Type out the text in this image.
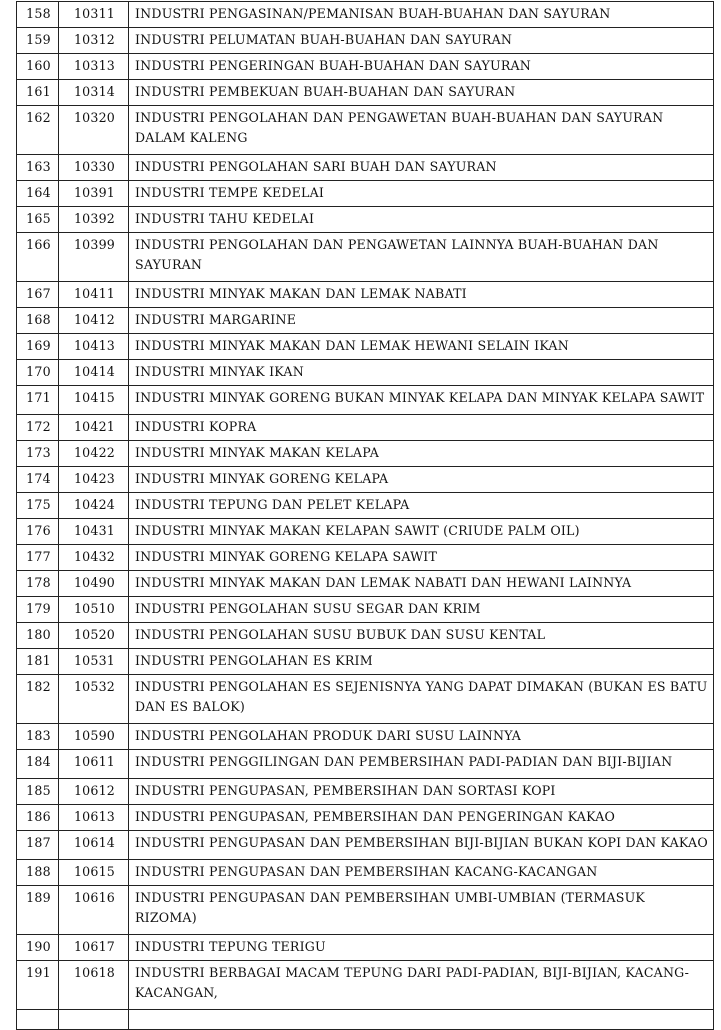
158	10311	INDUSTRI PENGASINAN/PEMANISAN BUAH-BUAHAN DAN SAYURAN
159	10312	INDUSTRI PELUMATAN BUAH-BUAHAN DAN SAYURAN
160	10313	INDUSTRI PENGERINGAN BUAH-BUAHAN DAN SAYURAN
161	10314	INDUSTRI PEMBEKUAN BUAH-BUAHAN DAN SAYURAN
162	10320	INDUSTRI PENGOLAHAN DAN PENGAWETAN BUAH-BUAHAN DAN SAYURAN DALAM KALENG
163	10330	INDUSTRI PENGOLAHAN SARI BUAH DAN SAYURAN
164	10391	INDUSTRI TEMPE KEDELAI
165	10392	INDUSTRI TAHU KEDELAI
166	10399	INDUSTRI PENGOLAHAN DAN PENGAWETAN LAINNYA BUAH-BUAHAN DAN SAYURAN
167	10411	INDUSTRI MINYAK MAKAN DAN LEMAK NABATI
168	10412	INDUSTRI MARGARINE
169	10413	INDUSTRI MINYAK MAKAN DAN LEMAK HEWANI SELAIN IKAN
170	10414	INDUSTRI MINYAK IKAN
171	10415	INDUSTRI MINYAK GORENG BUKAN MINYAK KELAPA DAN MINYAK KELAPA SAWIT
172	10421	INDUSTRI KOPRA
173	10422	INDUSTRI MINYAK MAKAN KELAPA
174	10423	INDUSTRI MINYAK GORENG KELAPA
175	10424	INDUSTRI TEPUNG DAN PELET KELAPA
176	10431	INDUSTRI MINYAK MAKAN KELAPAN SAWIT (CRIUDE PALM OIL)
177	10432	INDUSTRI MINYAK GORENG KELAPA SAWIT
178	10490	INDUSTRI MINYAK MAKAN DAN LEMAK NABATI DAN HEWANI LAINNYA
179	10510	INDUSTRI PENGOLAHAN SUSU SEGAR DAN KRIM
180	10520	INDUSTRI PENGOLAHAN SUSU BUBUK DAN SUSU KENTAL
181	10531	INDUSTRI PENGOLAHAN ES KRIM
182	10532	INDUSTRI PENGOLAHAN ES SEJENISNYA YANG DAPAT DIMAKAN (BUKAN ES BATU DAN ES BALOK)
183	10590	INDUSTRI PENGOLAHAN PRODUK DARI SUSU LAINNYA
184	10611	INDUSTRI PENGGILINGAN DAN PEMBERSIHAN PADI-PADIAN DAN BIJI-BIJIAN
185	10612	INDUSTRI PENGUPASAN, PEMBERSIHAN DAN SORTASI KOPI
186	10613	INDUSTRI PENGUPASAN, PEMBERSIHAN DAN PENGERINGAN KAKAO
187	10614	INDUSTRI PENGUPASAN DAN PEMBERSIHAN BIJI-BIJIAN BUKAN KOPI DAN KAKAO
188	10615	INDUSTRI PENGUPASAN DAN PEMBERSIHAN KACANG-KACANGAN
189	10616	INDUSTRI PENGUPASAN DAN PEMBERSIHAN UMBI-UMBIAN (TERMASUK RIZOMA)
190	10617	INDUSTRI TEPUNG TERIGU
191	10618	INDUSTRI BERBAGAI MACAM TEPUNG DARI PADI-PADIAN, BIJI-BIJIAN, KACANG-KACANGAN,
